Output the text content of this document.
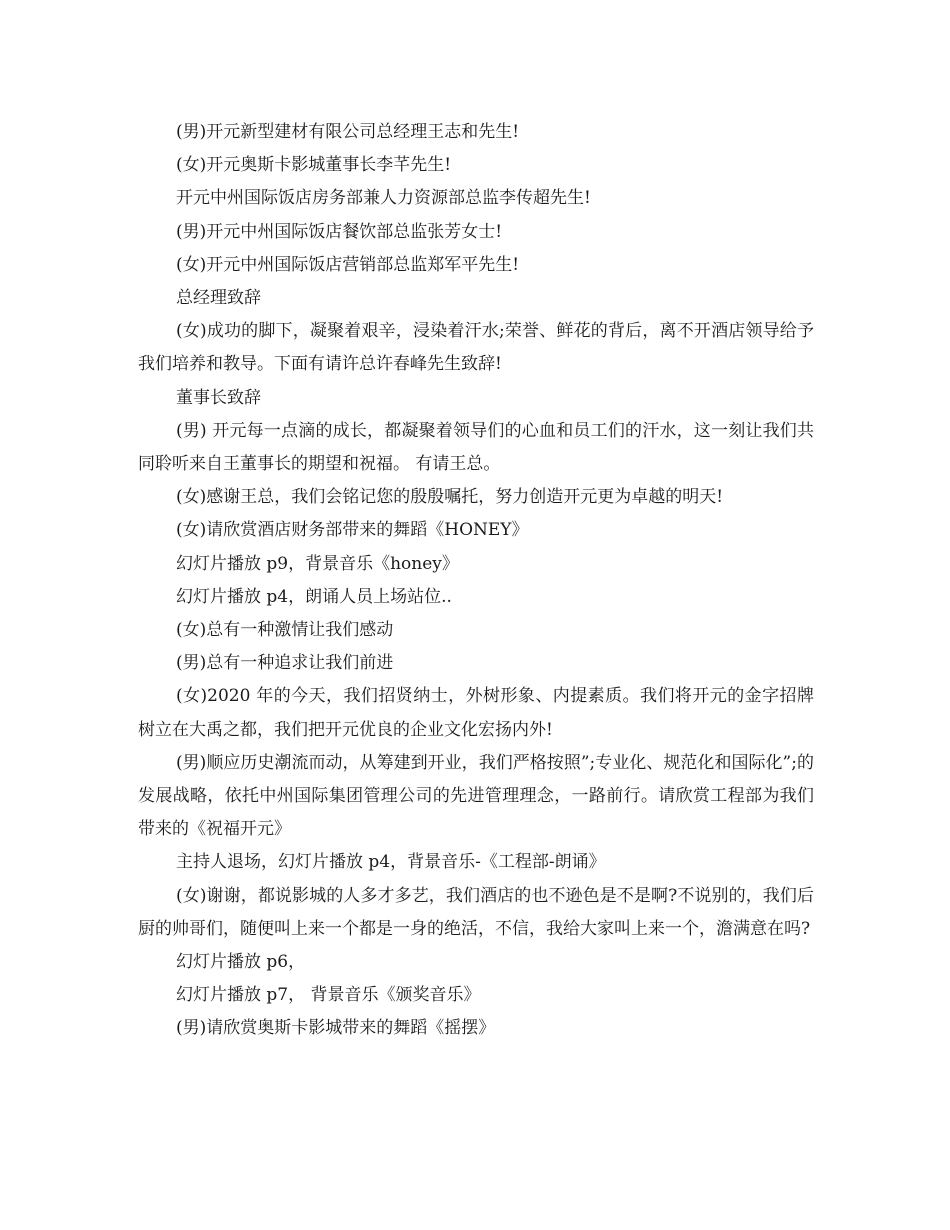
(男)开元新型建材有限公司总经理王志和先生!

(女)开元奥斯卡影城董事长李芊先生!

开元中州国际饭店房务部兼人力资源部总监李传超先生!

(男)开元中州国际饭店餐饮部总监张芳女士!

(女)开元中州国际饭店营销部总监郑军平先生!

总经理致辞

(女)成功的脚下，凝聚着艰辛，浸染着汗水;荣誉、鲜花的背后，离不开酒店领导给予我们培养和教导。下面有请许总许春峰先生致辞!

董事长致辞

(男) 开元每一点滴的成长，都凝聚着领导们的心血和员工们的汗水，这一刻让我们共同聆听来自王董事长的期望和祝福。 有请王总。

(女)感谢王总，我们会铭记您的殷殷嘱托，努力创造开元更为卓越的明天!

(女)请欣赏酒店财务部带来的舞蹈《HONEY》

幻灯片播放 p9，背景音乐《honey》

幻灯片播放 p4，朗诵人员上场站位..

(女)总有一种激情让我们感动

(男)总有一种追求让我们前进

(女)2020 年的今天，我们招贤纳士，外树形象、内提素质。我们将开元的金字招牌树立在大禹之都，我们把开元优良的企业文化宏扬内外!

(男)顺应历史潮流而动，从筹建到开业，我们严格按照”;专业化、规范化和国际化”;的发展战略，依托中州国际集团管理公司的先进管理理念，一路前行。请欣赏工程部为我们带来的《祝福开元》

主持人退场，幻灯片播放 p4，背景音乐-《工程部-朗诵》

(女)谢谢，都说影城的人多才多艺，我们酒店的也不逊色是不是啊?不说别的，我们后厨的帅哥们，随便叫上来一个都是一身的绝活，不信，我给大家叫上来一个，澹满意在吗?

幻灯片播放 p6，

幻灯片播放 p7， 背景音乐《颁奖音乐》

(男)请欣赏奥斯卡影城带来的舞蹈《摇摆》
